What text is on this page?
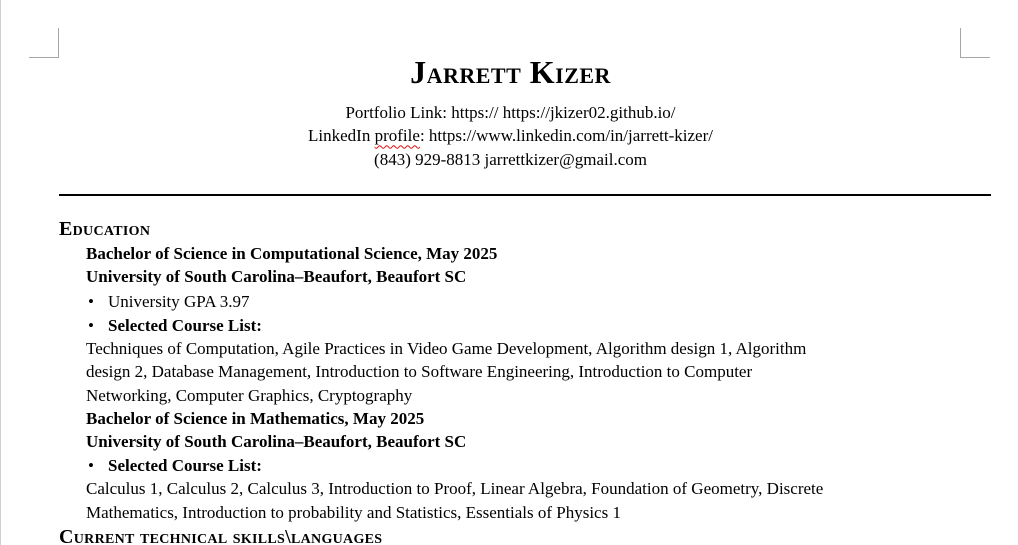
Jarrett Kizer
Portfolio Link: https:// https://jkizer02.github.io/
LinkedIn profile: https://www.linkedin.com/in/jarrett-kizer/
(843) 929-8813 jarrettkizer@gmail.com
Education
Bachelor of Science in Computational Science, May 2025
University of South Carolina–Beaufort, Beaufort SC
• University GPA 3.97
• Selected Course List:
Techniques of Computation, Agile Practices in Video Game Development, Algorithm design 1, Algorithm
design 2, Database Management, Introduction to Software Engineering, Introduction to Computer
Networking, Computer Graphics, Cryptography
Bachelor of Science in Mathematics, May 2025
University of South Carolina–Beaufort, Beaufort SC
• Selected Course List:
Calculus 1, Calculus 2, Calculus 3, Introduction to Proof, Linear Algebra, Foundation of Geometry, Discrete
Mathematics, Introduction to probability and Statistics, Essentials of Physics 1
Current technical skills\languages
